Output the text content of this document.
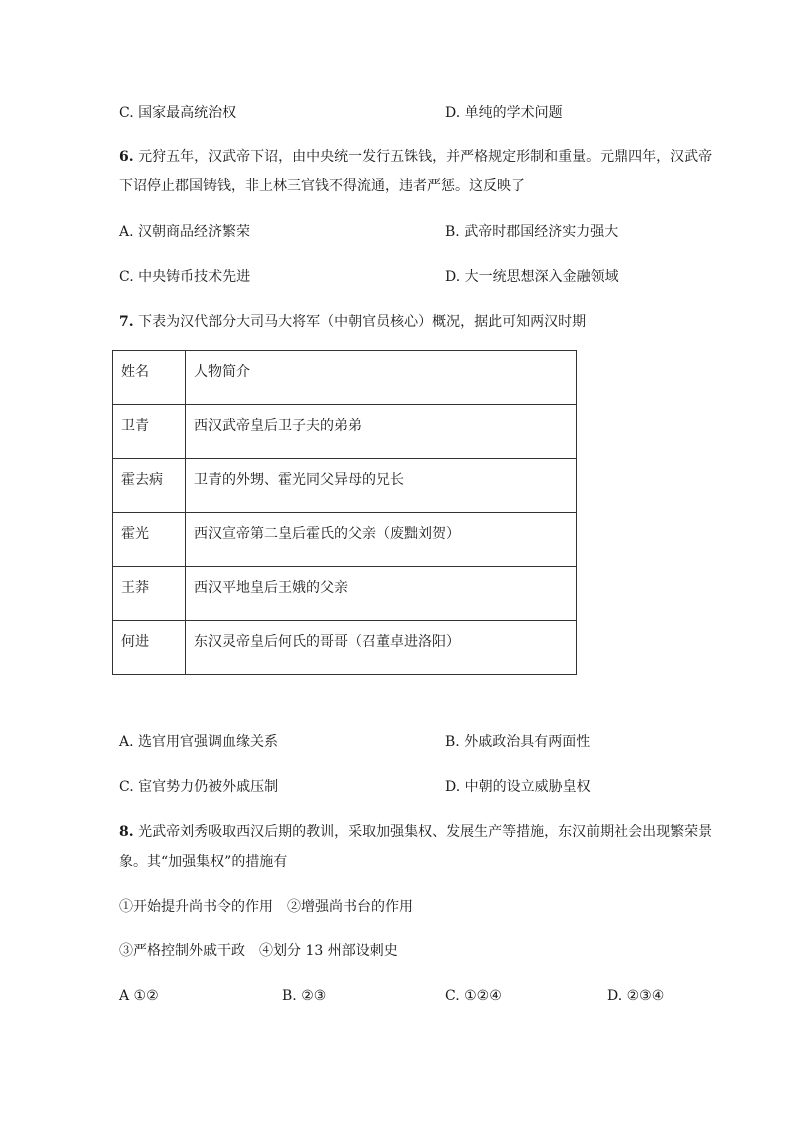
C. 国家最高统治权	D. 单纯的学术问题
6. 元狩五年，汉武帝下诏，由中央统一发行五铢钱，并严格规定形制和重量。元鼎四年，汉武帝
下诏停止郡国铸钱，非上林三官钱不得流通，违者严惩。这反映了
A. 汉朝商品经济繁荣	B. 武帝时郡国经济实力强大
C. 中央铸币技术先进	D. 大一统思想深入金融领域
7. 下表为汉代部分大司马大将军（中朝官员核心）概况，据此可知两汉时期
姓名	人物简介
卫青	西汉武帝皇后卫子夫的弟弟
霍去病	卫青的外甥、霍光同父异母的兄长
霍光	西汉宣帝第二皇后霍氏的父亲（废黜刘贺）
王莽	西汉平地皇后王娥的父亲
何进	东汉灵帝皇后何氏的哥哥（召董卓进洛阳）
A. 选官用官强调血缘关系	B. 外戚政治具有两面性
C. 宦官势力仍被外戚压制	D. 中朝的设立威胁皇权
8. 光武帝刘秀吸取西汉后期的教训，采取加强集权、发展生产等措施，东汉前期社会出现繁荣景
象。其“加强集权”的措施有
①开始提升尚书令的作用　②增强尚书台的作用
③严格控制外戚干政　④划分 13 州部设刺史
A ①②	B. ②③	C. ①②④	D. ②③④
